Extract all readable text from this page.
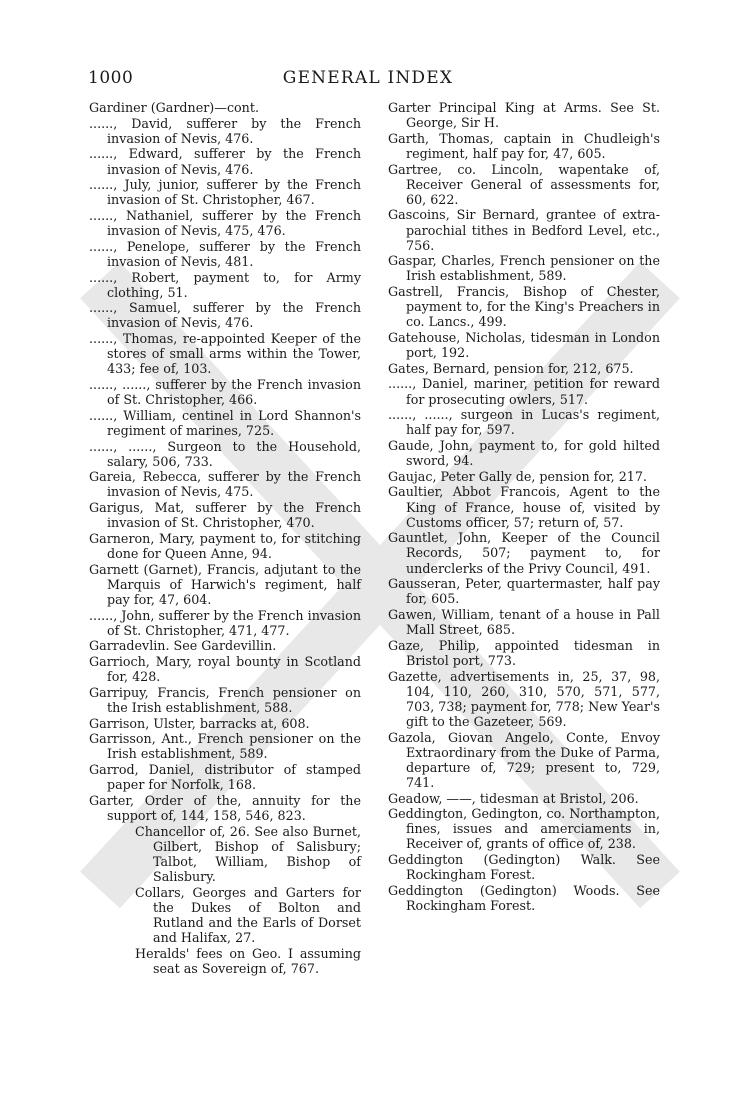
1000	GENERAL INDEX
Gardiner (Gardner)—cont.
......, David, sufferer by the French invasion of Nevis, 476.
......, Edward, sufferer by the French invasion of Nevis, 476.
......, July, junior, sufferer by the French invasion of St. Christopher, 467.
......, Nathaniel, sufferer by the French invasion of Nevis, 475, 476.
......, Penelope, sufferer by the French invasion of Nevis, 481.
......, Robert, payment to, for Army clothing, 51.
......, Samuel, sufferer by the French invasion of Nevis, 476.
......, Thomas, re-appointed Keeper of the stores of small arms within the Tower, 433; fee of, 103.
......, ......, sufferer by the French invasion of St. Christopher, 466.
......, William, centinel in Lord Shannon's regiment of marines, 725.
......, ......, Surgeon to the Household, salary, 506, 733.
Gareia, Rebecca, sufferer by the French invasion of Nevis, 475.
Garigus, Mat, sufferer by the French invasion of St. Christopher, 470.
Garneron, Mary, payment to, for stitching done for Queen Anne, 94.
Garnett (Garnet), Francis, adjutant to the Marquis of Harwich's regiment, half pay for, 47, 604.
......, John, sufferer by the French invasion of St. Christopher, 471, 477.
Garradevlin. See Gardevillin.
Garrioch, Mary, royal bounty in Scotland for, 428.
Garripuy, Francis, French pensioner on the Irish establishment, 588.
Garrison, Ulster, barracks at, 608.
Garrisson, Ant., French pensioner on the Irish establishment, 589.
Garrod, Daniel, distributor of stamped paper for Norfolk, 168.
Garter, Order of the, annuity for the support of, 144, 158, 546, 823.
Chancellor of, 26. See also Burnet, Gilbert, Bishop of Salisbury; Talbot, William, Bishop of Salisbury.
Collars, Georges and Garters for the Dukes of Bolton and Rutland and the Earls of Dorset and Halifax, 27.
Heralds' fees on Geo. I assuming seat as Sovereign of, 767.
Garter Principal King at Arms. See St. George, Sir H.
Garth, Thomas, captain in Chudleigh's regiment, half pay for, 47, 605.
Gartree, co. Lincoln, wapentake of, Receiver General of assessments for, 60, 622.
Gascoins, Sir Bernard, grantee of extra-parochial tithes in Bedford Level, etc., 756.
Gaspar, Charles, French pensioner on the Irish establishment, 589.
Gastrell, Francis, Bishop of Chester, payment to, for the King's Preachers in co. Lancs., 499.
Gatehouse, Nicholas, tidesman in London port, 192.
Gates, Bernard, pension for, 212, 675.
......, Daniel, mariner, petition for reward for prosecuting owlers, 517.
......, ......, surgeon in Lucas's regiment, half pay for, 597.
Gaude, John, payment to, for gold hilted sword, 94.
Gaujac, Peter Gally de, pension for, 217.
Gaultier, Abbot Francois, Agent to the King of France, house of, visited by Customs officer, 57; return of, 57.
Gauntlet, John, Keeper of the Council Records, 507; payment to, for underclerks of the Privy Council, 491.
Gausseran, Peter, quartermaster, half pay for, 605.
Gawen, William, tenant of a house in Pall Mall Street, 685.
Gaze, Philip, appointed tidesman in Bristol port, 773.
Gazette, advertisements in, 25, 37, 98, 104, 110, 260, 310, 570, 571, 577, 703, 738; payment for, 778; New Year's gift to the Gazeteer, 569.
Gazola, Giovan Angelo, Conte, Envoy Extraordinary from the Duke of Parma, departure of, 729; present to, 729, 741.
Geadow, ——, tidesman at Bristol, 206.
Geddington, Gedington, co. Northampton, fines, issues and amerciaments in, Receiver of, grants of office of, 238.
Geddington (Gedington) Walk. See Rockingham Forest.
Geddington (Gedington) Woods. See Rockingham Forest.
